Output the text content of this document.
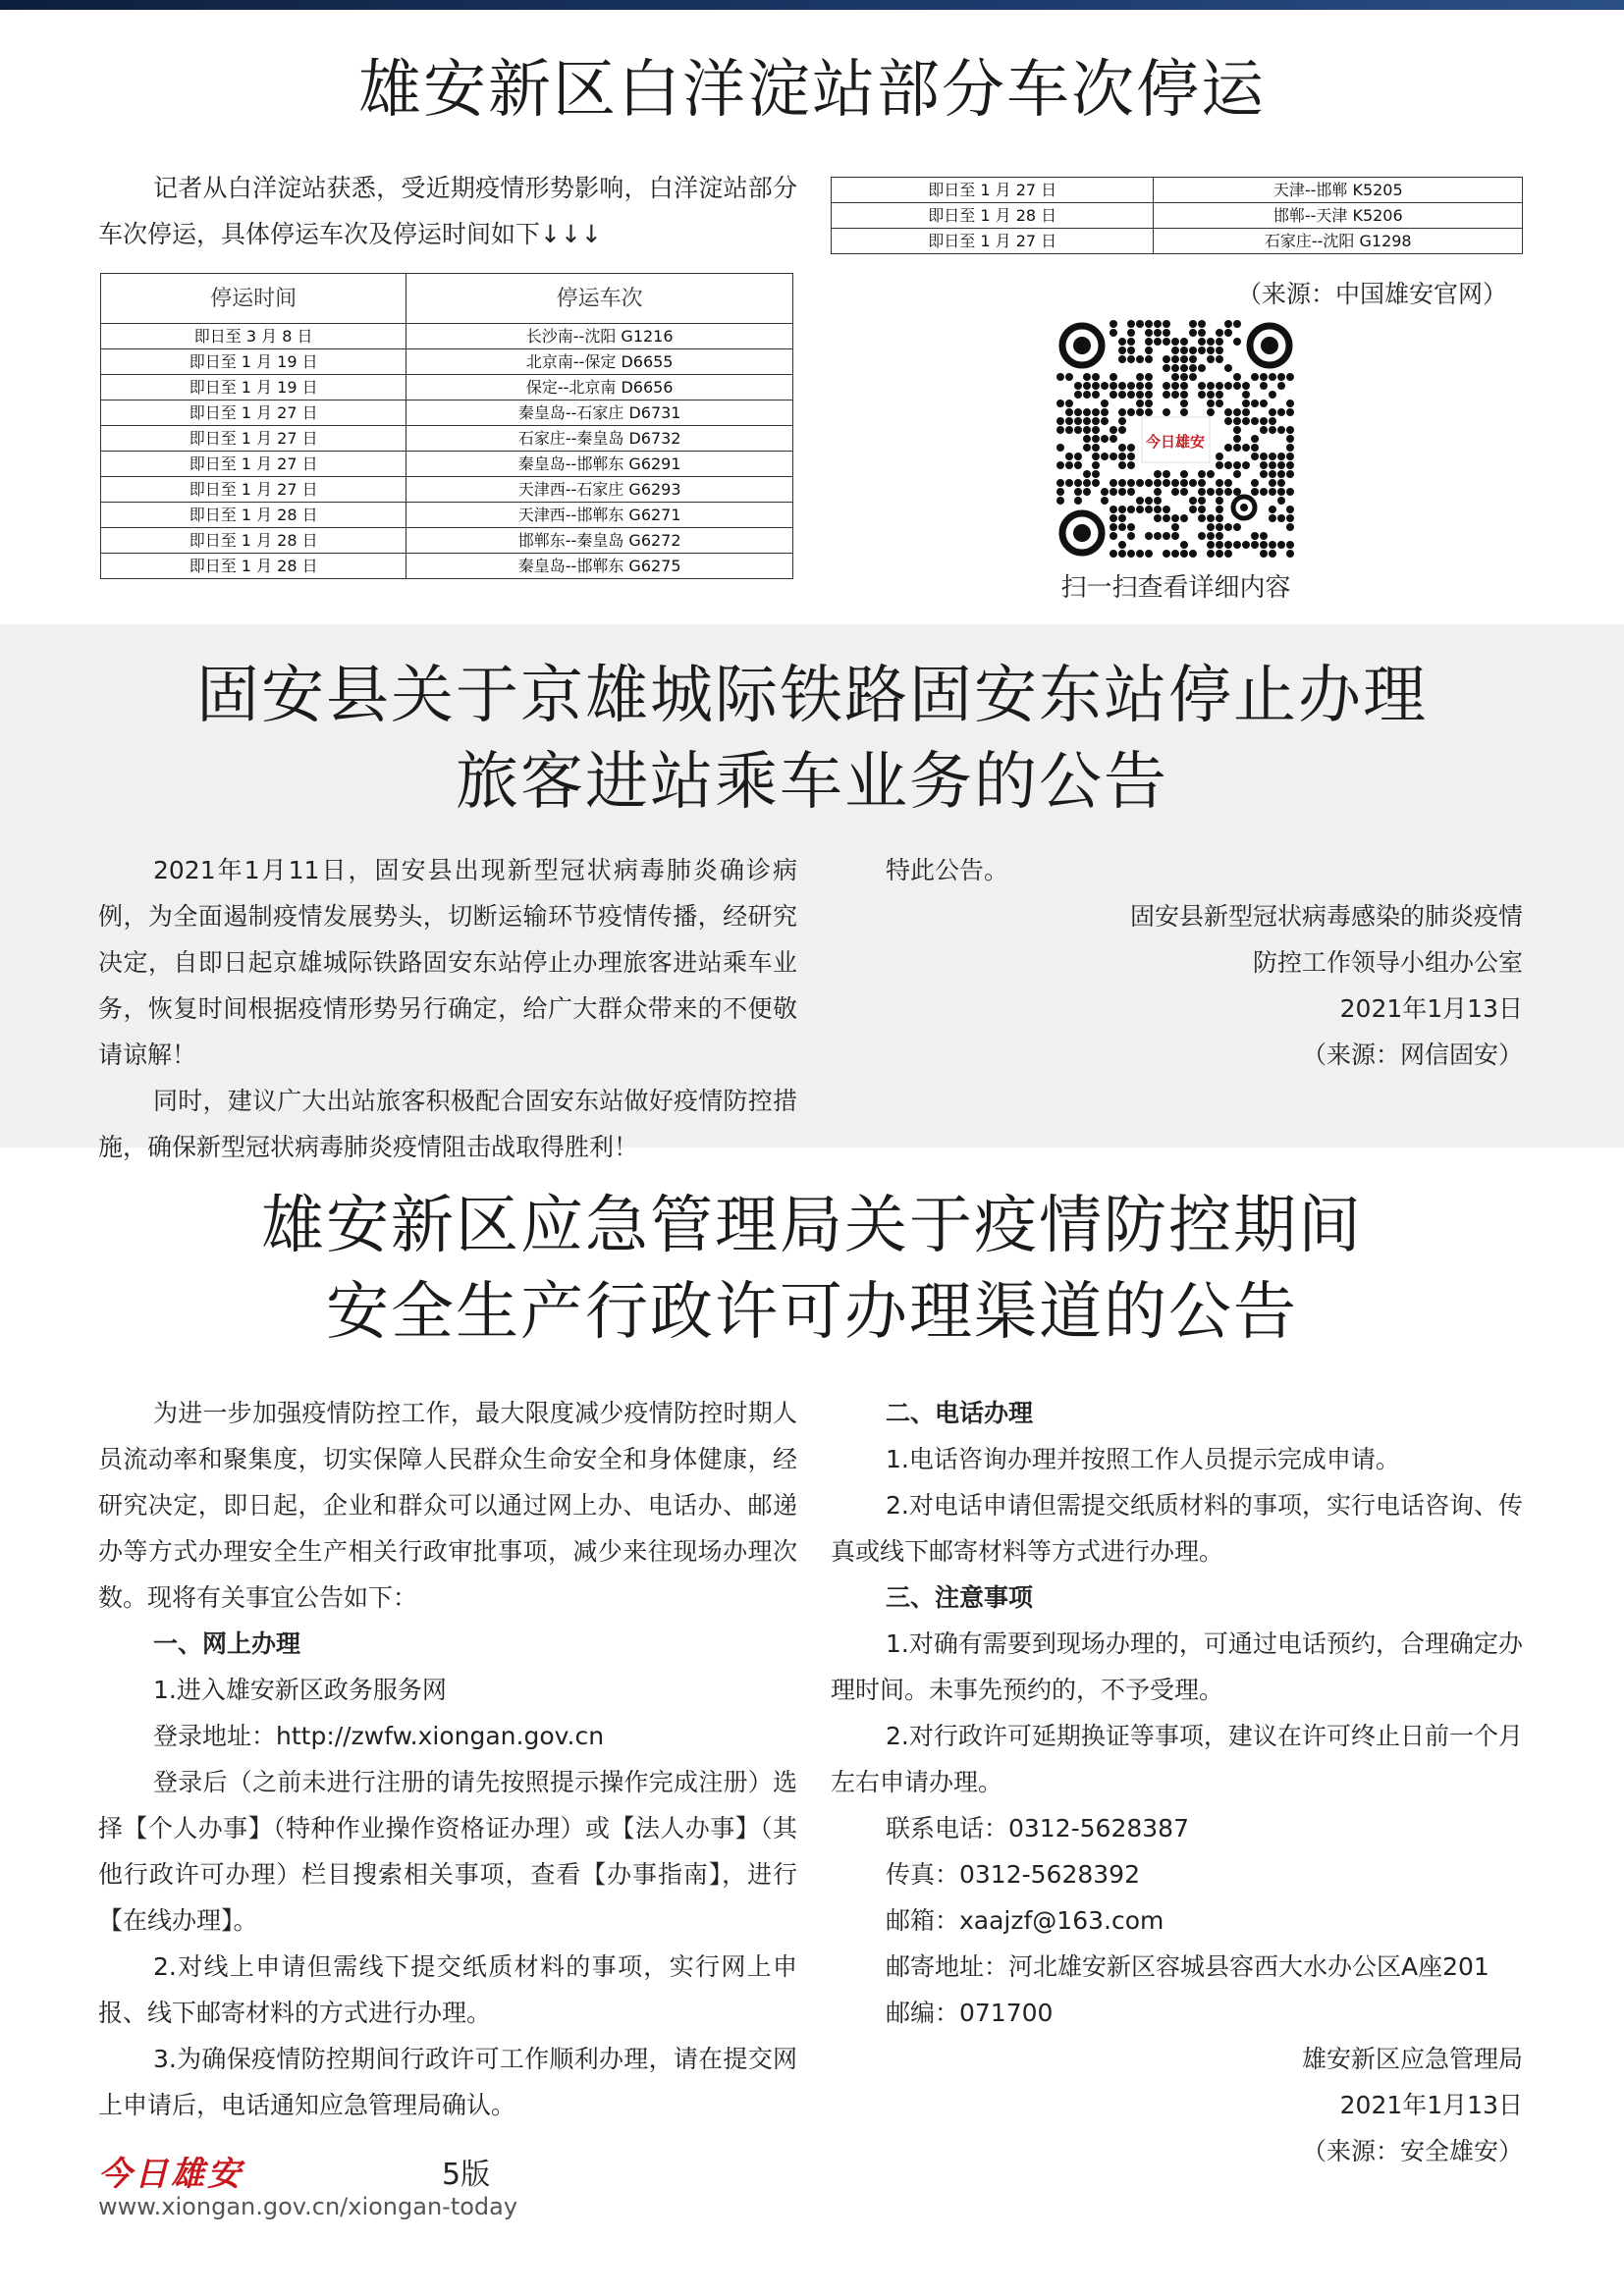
雄安新区白洋淀站部分车次停运

记者从白洋淀站获悉，受近期疫情形势影响，白洋淀站部分车次停运，具体停运车次及停运时间如下↓↓↓

停运时间	停运车次
即日至 3 月 8 日	长沙南--沈阳 G1216
即日至 1 月 19 日	北京南--保定 D6655
即日至 1 月 19 日	保定--北京南 D6656
即日至 1 月 27 日	秦皇岛--石家庄 D6731
即日至 1 月 27 日	石家庄--秦皇岛 D6732
即日至 1 月 27 日	秦皇岛--邯郸东 G6291
即日至 1 月 27 日	天津西--石家庄 G6293
即日至 1 月 28 日	天津西--邯郸东 G6271
即日至 1 月 28 日	邯郸东--秦皇岛 G6272
即日至 1 月 28 日	秦皇岛--邯郸东 G6275
即日至 1 月 27 日	天津--邯郸 K5205
即日至 1 月 28 日	邯郸--天津 K5206
即日至 1 月 27 日	石家庄--沈阳 G1298
（来源：中国雄安官网）
今日雄安
扫一扫查看详细内容
固安县关于京雄城际铁路固安东站停止办理
旅客进站乘车业务的公告

2021年1月11日，固安县出现新型冠状病毒肺炎确诊病例，为全面遏制疫情发展势头，切断运输环节疫情传播，经研究决定，自即日起京雄城际铁路固安东站停止办理旅客进站乘车业务，恢复时间根据疫情形势另行确定，给广大群众带来的不便敬请谅解！

同时，建议广大出站旅客积极配合固安东站做好疫情防控措施，确保新型冠状病毒肺炎疫情阻击战取得胜利！

特此公告。

固安县新型冠状病毒感染的肺炎疫情

防控工作领导小组办公室

2021年1月13日

（来源：网信固安）

雄安新区应急管理局关于疫情防控期间
安全生产行政许可办理渠道的公告

为进一步加强疫情防控工作，最大限度减少疫情防控时期人员流动率和聚集度，切实保障人民群众生命安全和身体健康，经研究决定，即日起，企业和群众可以通过网上办、电话办、邮递办等方式办理安全生产相关行政审批事项，减少来往现场办理次数。现将有关事宜公告如下：

一、网上办理

1.进入雄安新区政务服务网

登录地址：http://zwfw.xiongan.gov.cn

登录后（之前未进行注册的请先按照提示操作完成注册）选择【个人办事】（特种作业操作资格证办理）或【法人办事】（其他行政许可办理）栏目搜索相关事项，查看【办事指南】，进行【在线办理】。

2.对线上申请但需线下提交纸质材料的事项，实行网上申报、线下邮寄材料的方式进行办理。

3.为确保疫情防控期间行政许可工作顺利办理，请在提交网上申请后，电话通知应急管理局确认。

二、电话办理

1.电话咨询办理并按照工作人员提示完成申请。

2.对电话申请但需提交纸质材料的事项，实行电话咨询、传真或线下邮寄材料等方式进行办理。

三、注意事项

1.对确有需要到现场办理的，可通过电话预约，合理确定办理时间。未事先预约的，不予受理。

2.对行政许可延期换证等事项，建议在许可终止日前一个月左右申请办理。

联系电话：0312-5628387

传真：0312-5628392

邮箱：xaajzf@163.com

邮寄地址：河北雄安新区容城县容西大水办公区A座201

邮编：071700

雄安新区应急管理局

2021年1月13日

（来源：安全雄安）

今日雄安	5版
www.xiongan.gov.cn/xiongan-today
